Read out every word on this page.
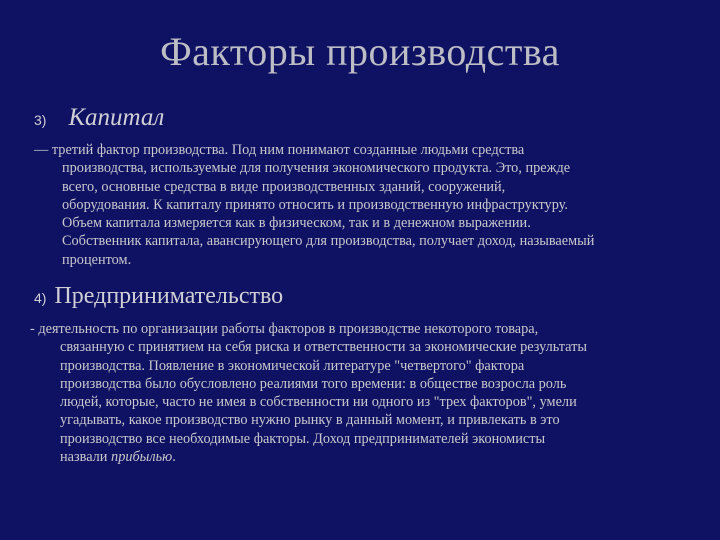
Факторы производства
3) Капитал

— третий фактор производства. Под ним понимают созданные людьми средства
производства, используемые для получения экономического продукта. Это, прежде
всего, основные средства в виде производственных зданий, сооружений,
оборудования. К капиталу принято относить и производственную инфраструктуру.
Объем капитала измеряется как в физическом, так и в денежном выражении.
Собственник капитала, авансирующего для производства, получает доход, называемый
процентом.

4) Предпринимательство

- деятельность по организации работы факторов в производстве некоторого товара,
связанную с принятием на себя риска и ответственности за экономические результаты
производства. Появление в экономической литературе "четвертого" фактора
производства было обусловлено реалиями того времени: в обществе возросла роль
людей, которые, часто не имея в собственности ни одного из "трех факторов", умели
угадывать, какое производство нужно рынку в данный момент, и привлекать в это
производство все необходимые факторы. Доход предпринимателей экономисты
назвали прибылью.
